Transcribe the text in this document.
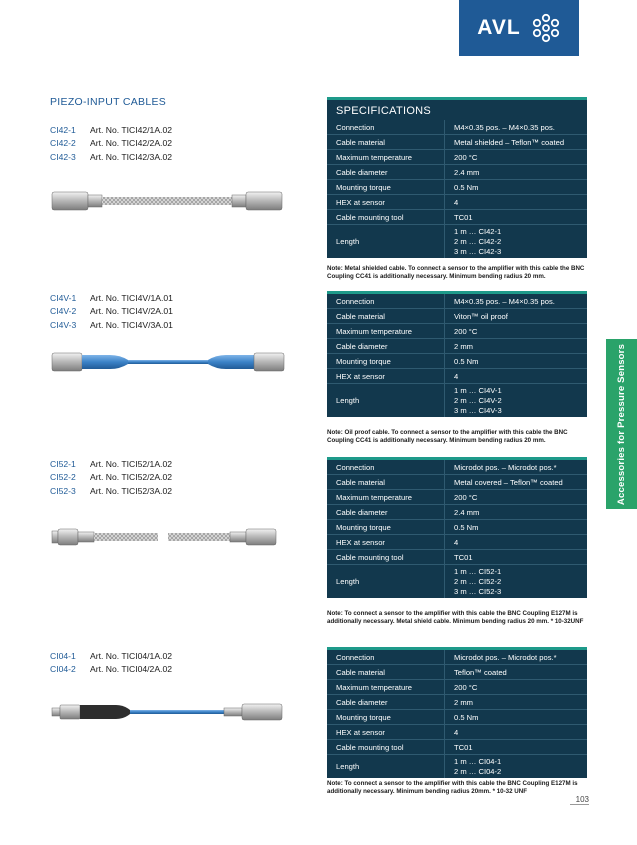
AVL
PIEZO-INPUT CABLES
CI42-1	Art. No. TICI42/1A.02
CI42-2	Art. No. TICI42/2A.02
CI42-3	Art. No. TICI42/3A.02
SPECIFICATIONS
Connection	M4×0.35 pos. – M4×0.35 pos.
Cable material	Metal shielded – Teflon™ coated
Maximum temperature	200 °C
Cable diameter	2.4 mm
Mounting torque	0.5 Nm
HEX at sensor	4
Cable mounting tool	TC01
Length	1 m … CI42-1
2 m … CI42-2
3 m … CI42-3
Note: Metal shielded cable. To connect a sensor to the amplifier with this cable the BNC Coupling CC41 is additionally necessary. Minimum bending radius 20 mm.
CI4V-1	Art. No. TICI4V/1A.01
CI4V-2	Art. No. TICI4V/2A.01
CI4V-3	Art. No. TICI4V/3A.01
Connection	M4×0.35 pos. – M4×0.35 pos.
Cable material	Viton™ oil proof
Maximum temperature	200 °C
Cable diameter	2 mm
Mounting torque	0.5 Nm
HEX at sensor	4
Length	1 m … CI4V-1
2 m … CI4V-2
3 m … CI4V-3
Note: Oil proof cable. To connect a sensor to the amplifier with this cable the BNC Coupling CC41 is additionally necessary. Minimum bending radius 20 mm.
CI52-1	Art. No. TICI52/1A.02
CI52-2	Art. No. TICI52/2A.02
CI52-3	Art. No. TICI52/3A.02
Connection	Microdot pos. – Microdot pos.*
Cable material	Metal covered – Teflon™ coated
Maximum temperature	200 °C
Cable diameter	2.4 mm
Mounting torque	0.5 Nm
HEX at sensor	4
Cable mounting tool	TC01
Length	1 m … CI52-1
2 m … CI52-2
3 m … CI52-3
Note: To connect a sensor to the amplifier with this cable the BNC Coupling E127M is additionally necessary. Metal shield cable. Minimum bending radius 20 mm. * 10-32UNF
CI04-1	Art. No. TICI04/1A.02
CI04-2	Art. No. TICI04/2A.02
Connection	Microdot pos. – Microdot pos.*
Cable material	Teflon™ coated
Maximum temperature	200 °C
Cable diameter	2 mm
Mounting torque	0.5 Nm
HEX at sensor	4
Cable mounting tool	TC01
Length	1 m … CI04-1
2 m … CI04-2
Note: To connect a sensor to the amplifier with this cable the BNC Coupling E127M is additionally necessary. Minimum bending radius 20mm. * 10-32 UNF
Accessories for Pressure Sensors
103
